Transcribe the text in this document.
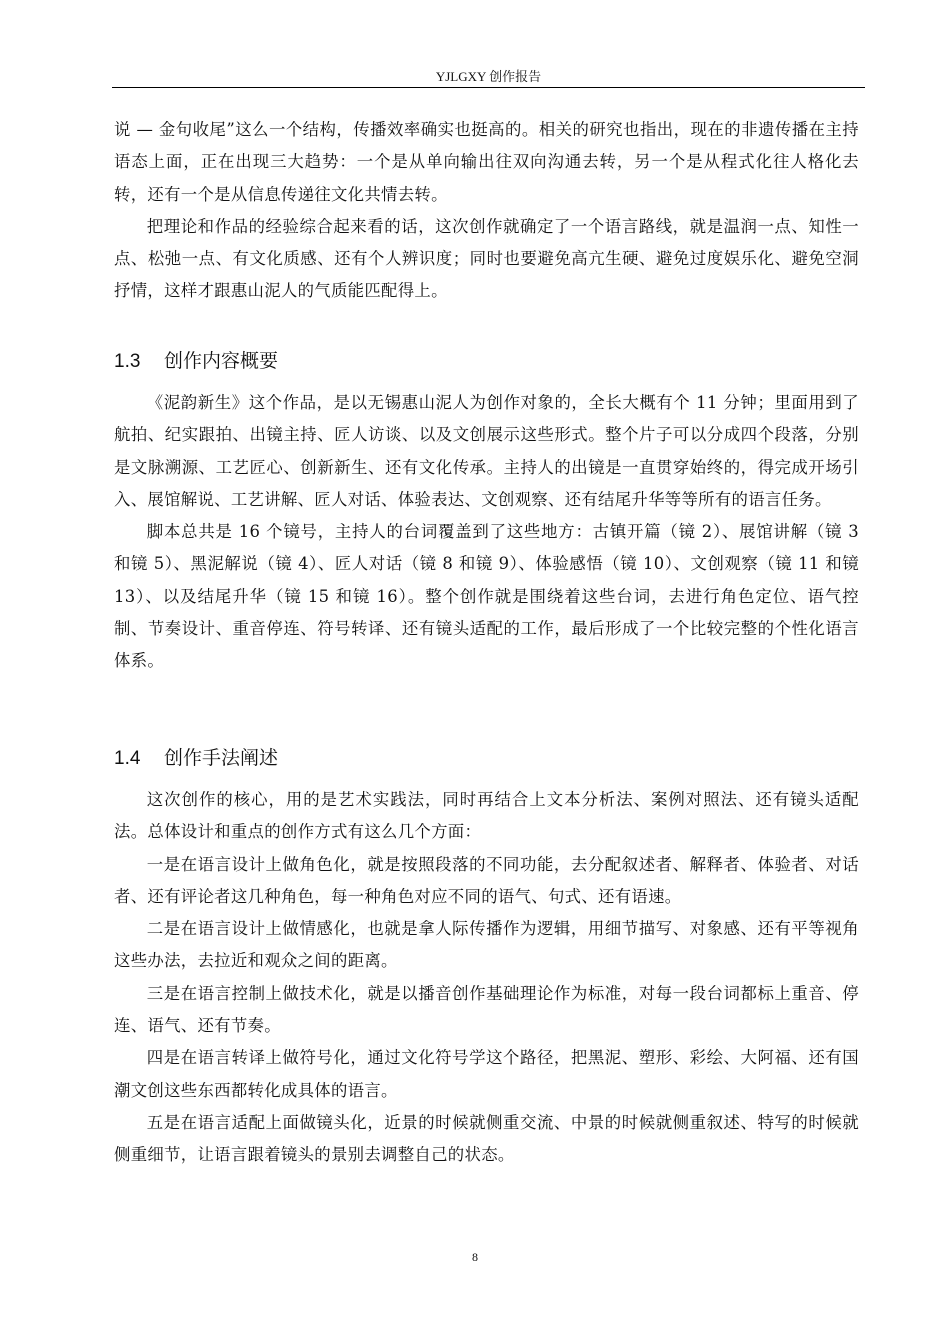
YJLGXY 创作报告

说 — 金句收尾”这么一个结构，传播效率确实也挺高的。相关的研究也指出，现在的非遗传播在主持语态上面，正在出现三大趋势：一个是从单向输出往双向沟通去转，另一个是从程式化往人格化去转，还有一个是从信息传递往文化共情去转。

把理论和作品的经验综合起来看的话，这次创作就确定了一个语言路线，就是温润一点、知性一点、松弛一点、有文化质感、还有个人辨识度；同时也要避免高亢生硬、避免过度娱乐化、避免空洞抒情，这样才跟惠山泥人的气质能匹配得上。

1.3 创作内容概要

《泥韵新生》这个作品，是以无锡惠山泥人为创作对象的，全长大概有个 11 分钟；里面用到了航拍、纪实跟拍、出镜主持、匠人访谈、以及文创展示这些形式。整个片子可以分成四个段落，分别是文脉溯源、工艺匠心、创新新生、还有文化传承。主持人的出镜是一直贯穿始终的，得完成开场引入、展馆解说、工艺讲解、匠人对话、体验表达、文创观察、还有结尾升华等等所有的语言任务。

脚本总共是 16 个镜号，主持人的台词覆盖到了这些地方：古镇开篇（镜 2）、展馆讲解（镜 3 和镜 5）、黑泥解说（镜 4）、匠人对话（镜 8 和镜 9）、体验感悟（镜 10）、文创观察（镜 11 和镜 13）、以及结尾升华（镜 15 和镜 16）。整个创作就是围绕着这些台词，去进行角色定位、语气控制、节奏设计、重音停连、符号转译、还有镜头适配的工作，最后形成了一个比较完整的个性化语言体系。

1.4 创作手法阐述

这次创作的核心，用的是艺术实践法，同时再结合上文本分析法、案例对照法、还有镜头适配法。总体设计和重点的创作方式有这么几个方面：

一是在语言设计上做角色化，就是按照段落的不同功能，去分配叙述者、解释者、体验者、对话者、还有评论者这几种角色，每一种角色对应不同的语气、句式、还有语速。

二是在语言设计上做情感化，也就是拿人际传播作为逻辑，用细节描写、对象感、还有平等视角这些办法，去拉近和观众之间的距离。

三是在语言控制上做技术化，就是以播音创作基础理论作为标准，对每一段台词都标上重音、停连、语气、还有节奏。

四是在语言转译上做符号化，通过文化符号学这个路径，把黑泥、塑形、彩绘、大阿福、还有国潮文创这些东西都转化成具体的语言。

五是在语言适配上面做镜头化，近景的时候就侧重交流、中景的时候就侧重叙述、特写的时候就侧重细节，让语言跟着镜头的景别去调整自己的状态。

8
